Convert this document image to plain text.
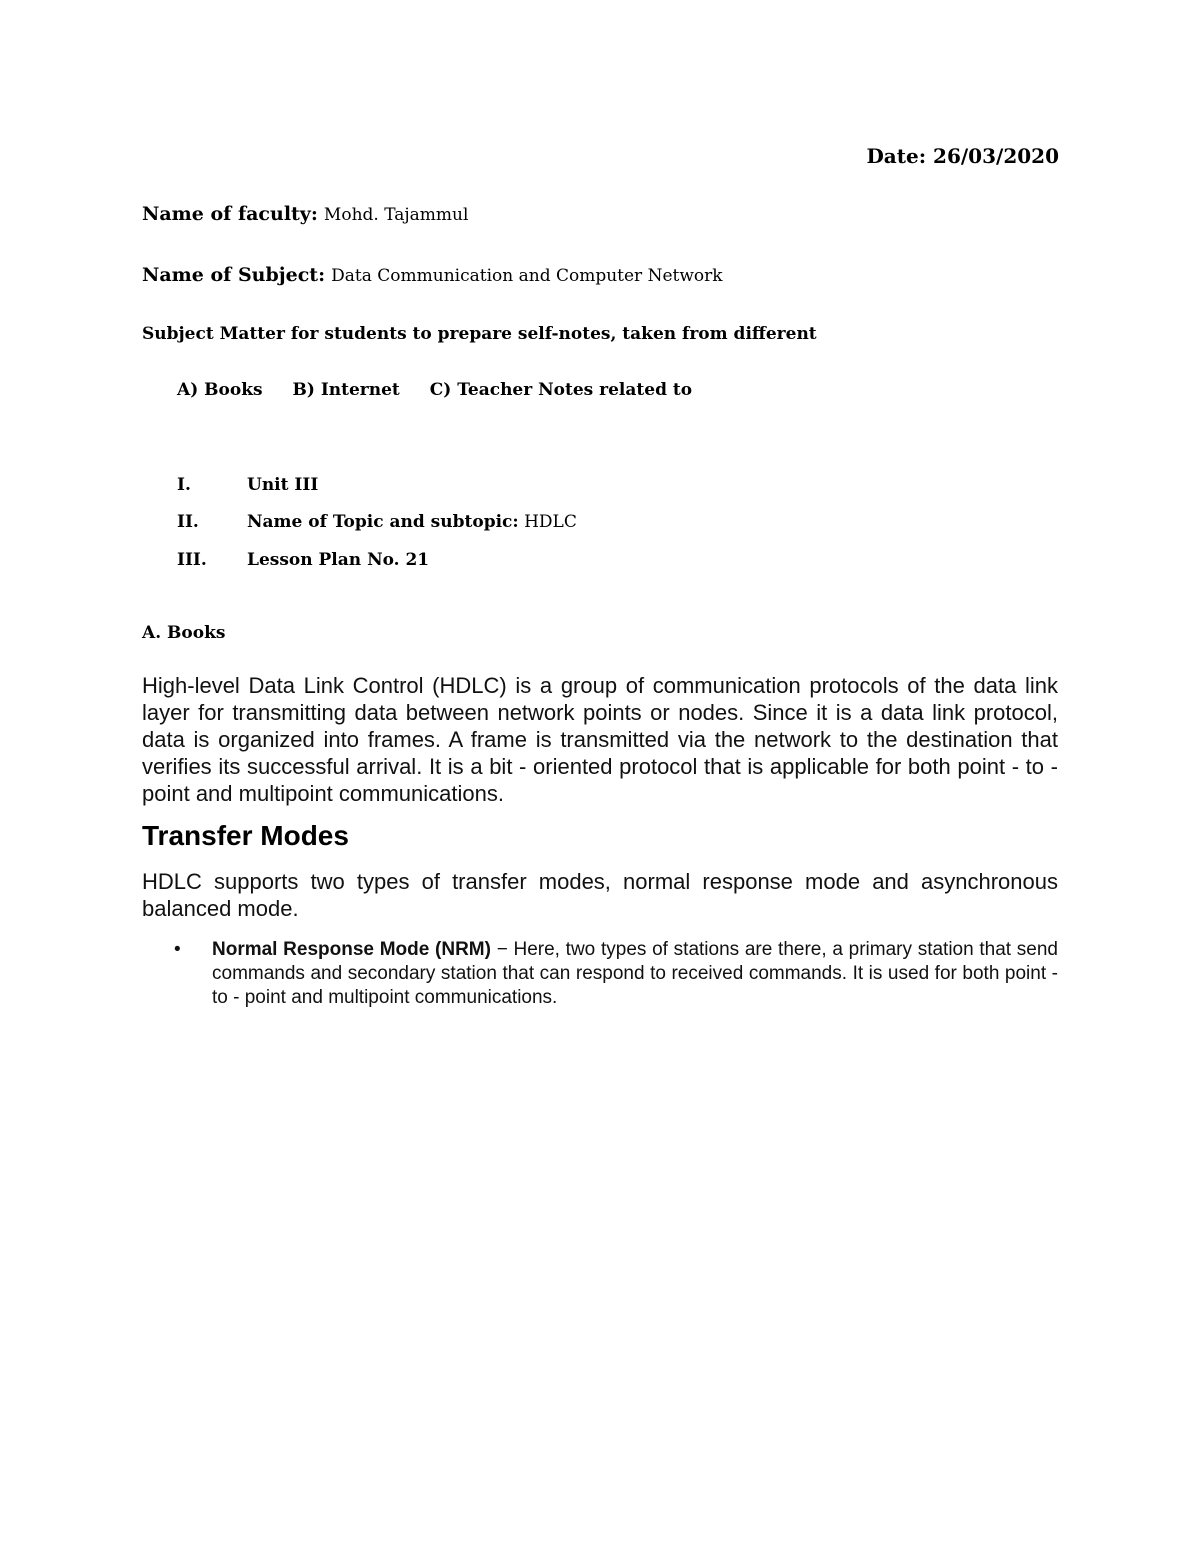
Date: 26/03/2020
Name of faculty: Mohd. Tajammul
Name of Subject: Data Communication and Computer Network
Subject Matter for students to prepare self-notes, taken from different
A) Books B) Internet C) Teacher Notes related to
I.	Unit III
II.	Name of Topic and subtopic: HDLC
III. Lesson Plan No. 21
A. Books

High-level Data Link Control (HDLC) is a group of communication protocols of the data link layer for transmitting data between network points or nodes. Since it is a data link protocol, data is organized into frames. A frame is transmitted via the network to the destination that verifies its successful arrival. It is a bit - oriented protocol that is applicable for both point - to - point and multipoint communications.

Transfer Modes

HDLC supports two types of transfer modes, normal response mode and asynchronous balanced mode.

• Normal Response Mode (NRM) − Here, two types of stations are there, a primary station that send commands and secondary station that can respond to received commands. It is used for both point - to - point and multipoint communications.
